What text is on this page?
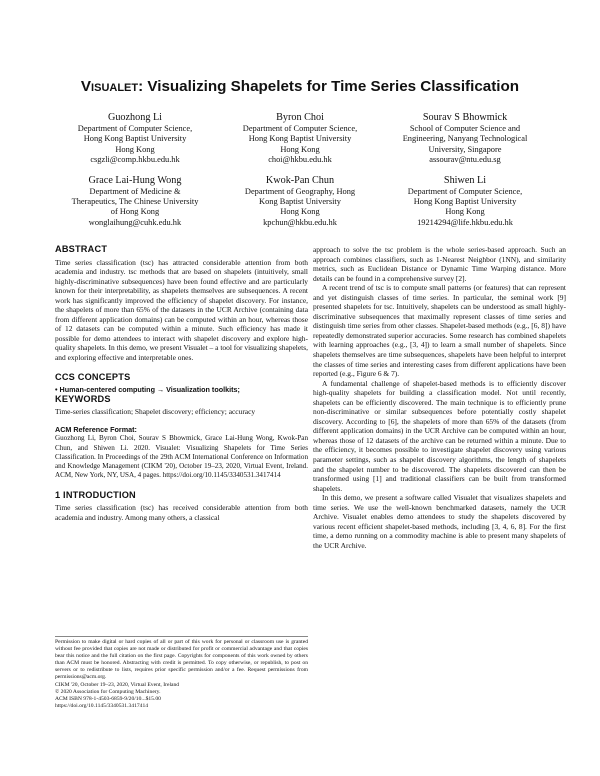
Visualet: Visualizing Shapelets for Time Series Classification
Guozhong Li
Department of Computer Science,
Hong Kong Baptist University
Hong Kong
csgzli@comp.hkbu.edu.hk
Byron Choi
Department of Computer Science,
Hong Kong Baptist University
Hong Kong
choi@hkbu.edu.hk
Sourav S Bhowmick
School of Computer Science and
Engineering, Nanyang Technological
University, Singapore
assourav@ntu.edu.sg
Grace Lai-Hung Wong
Department of Medicine &
Therapeutics, The Chinese University
of Hong Kong
wonglaihung@cuhk.edu.hk
Kwok-Pan Chun
Department of Geography, Hong
Kong Baptist University
Hong Kong
kpchun@hkbu.edu.hk
Shiwen Li
Department of Computer Science,
Hong Kong Baptist University
Hong Kong
19214294@life.hkbu.edu.hk
ABSTRACT

Time series classification (tsc) has attracted considerable attention from both academia and industry. tsc methods that are based on shapelets (intuitively, small highly-discriminative subsequences) have been found effective and are particularly known for their interpretability, as shapelets themselves are subsequences. A recent work has significantly improved the efficiency of shapelet discovery. For instance, the shapelets of more than 65% of the datasets in the UCR Archive (containing data from different application domains) can be computed within an hour, whereas those of 12 datasets can be computed within a minute. Such efficiency has made it possible for demo attendees to interact with shapelet discovery and explore high-quality shapelets. In this demo, we present Visualet – a tool for visualizing shapelets, and exploring effective and interpretable ones.

CCS CONCEPTS
• Human-centered computing → Visualization toolkits;
KEYWORDS

Time-series classification; Shapelet discovery; efficiency; accuracy

ACM Reference Format:

Guozhong Li, Byron Choi, Sourav S Bhowmick, Grace Lai-Hung Wong, Kwok-Pan Chun, and Shiwen Li. 2020. Visualet: Visualizing Shapelets for Time Series Classification. In Proceedings of the 29th ACM International Conference on Information and Knowledge Management (CIKM '20), October 19–23, 2020, Virtual Event, Ireland. ACM, New York, NY, USA, 4 pages. https://doi.org/10.1145/3340531.3417414

1 INTRODUCTION

Time series classification (tsc) has received considerable attention from both academia and industry. Among many others, a classical

Permission to make digital or hard copies of all or part of this work for personal or classroom use is granted without fee provided that copies are not made or distributed for profit or commercial advantage and that copies bear this notice and the full citation on the first page. Copyrights for components of this work owned by others than ACM must be honored. Abstracting with credit is permitted. To copy otherwise, or republish, to post on servers or to redistribute to lists, requires prior specific permission and/or a fee. Request permissions from permissions@acm.org.
CIKM '20, October 19–23, 2020, Virtual Event, Ireland
© 2020 Association for Computing Machinery.
ACM ISBN 978-1-4503-6859-9/20/10...$15.00
https://doi.org/10.1145/3340531.3417414

approach to solve the tsc problem is the whole series-based approach. Such an approach combines classifiers, such as 1-Nearest Neighbor (1NN), and similarity metrics, such as Euclidean Distance or Dynamic Time Warping distance. More details can be found in a comprehensive survey [2].

A recent trend of tsc is to compute small patterns (or features) that can represent and yet distinguish classes of time series. In particular, the seminal work [9] presented shapelets for tsc. Intuitively, shapelets can be understood as small highly-discriminative subsequences that maximally represent classes of time series and distinguish time series from other classes. Shapelet-based methods (e.g., [6, 8]) have repeatedly demonstrated superior accuracies. Some research has combined shapelets with learning approaches (e.g., [3, 4]) to learn a small number of shapelets. Since shapelets themselves are time subsequences, shapelets have been helpful to interpret the classes of time series and interesting cases from different applications have been reported (e.g., Figure 6 & 7).

A fundamental challenge of shapelet-based methods is to efficiently discover high-quality shapelets for building a classification model. Not until recently, shapelets can be efficiently discovered. The main technique is to efficiently prune non-discriminative or similar subsequences before potentially costly shapelet discovery. According to [6], the shapelets of more than 65% of the datasets (from different application domains) in the UCR Archive can be computed within an hour, whereas those of 12 datasets of the archive can be returned within a minute. Due to the efficiency, it becomes possible to investigate shapelet discovery using various parameter settings, such as shapelet discovery algorithms, the length of shapelets and the shapelet number to be discovered. The shapelets discovered can then be transformed using [1] and traditional classifiers can be built from transformed shapelets.

In this demo, we present a software called Visualet that visualizes shapelets and time series. We use the well-known benchmarked datasets, namely the UCR Archive. Visualet enables demo attendees to study the shapelets discovered by various recent efficient shapelet-based methods, including [3, 4, 6, 8]. For the first time, a demo running on a commodity machine is able to present many shapelets of the UCR Archive.
